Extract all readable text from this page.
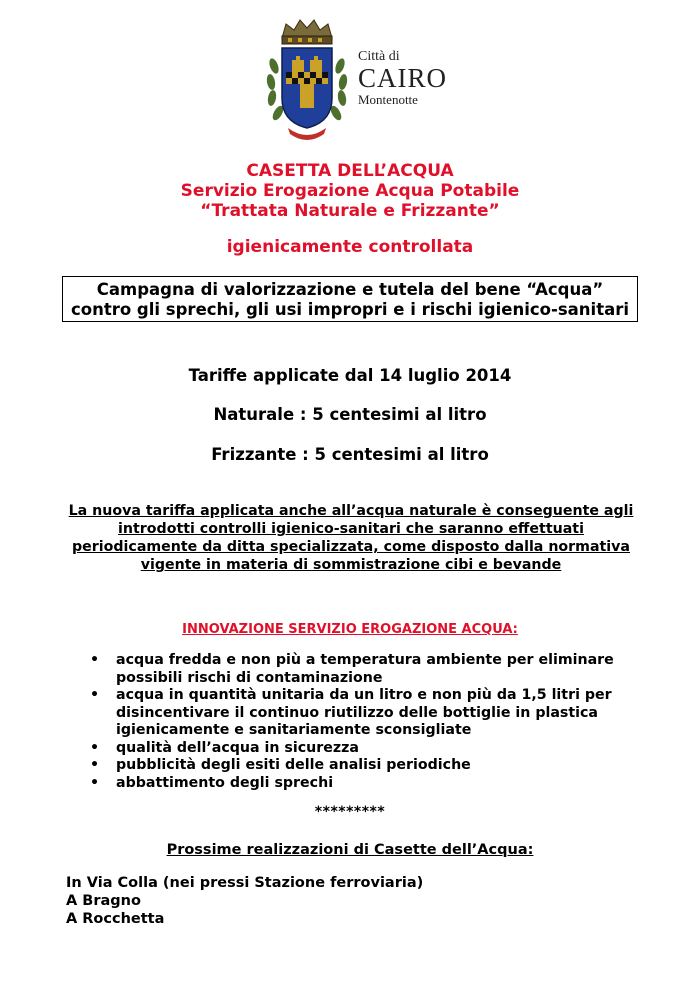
Città di
CAIRO
Montenotte
CASETTA DELL’ACQUA
Servizio Erogazione Acqua Potabile
“Trattata Naturale e Frizzante”
igienicamente controllata
Campagna di valorizzazione e tutela del bene “Acqua”
contro gli sprechi, gli usi impropri e i rischi igienico-sanitari
Tariffe applicate dal 14 luglio 2014
Naturale : 5 centesimi al litro
Frizzante : 5 centesimi al litro
La nuova tariffa applicata anche all’acqua naturale è conseguente agli
introdotti controlli igienico-sanitari che saranno effettuati
periodicamente da ditta specializzata, come disposto dalla normativa
vigente in materia di sommistrazione cibi e bevande
INNOVAZIONE SERVIZIO EROGAZIONE ACQUA:
• acqua fredda e non più a temperatura ambiente per eliminare
possibili rischi di contaminazione
• acqua in quantità unitaria da un litro e non più da 1,5 litri per
disincentivare il continuo riutilizzo delle bottiglie in plastica
igienicamente e sanitariamente sconsigliate
• qualità dell’acqua in sicurezza
• pubblicità degli esiti delle analisi periodiche
• abbattimento degli sprechi
*********
Prossime realizzazioni di Casette dell’Acqua:
In Via Colla (nei pressi Stazione ferroviaria)
A Bragno
A Rocchetta
